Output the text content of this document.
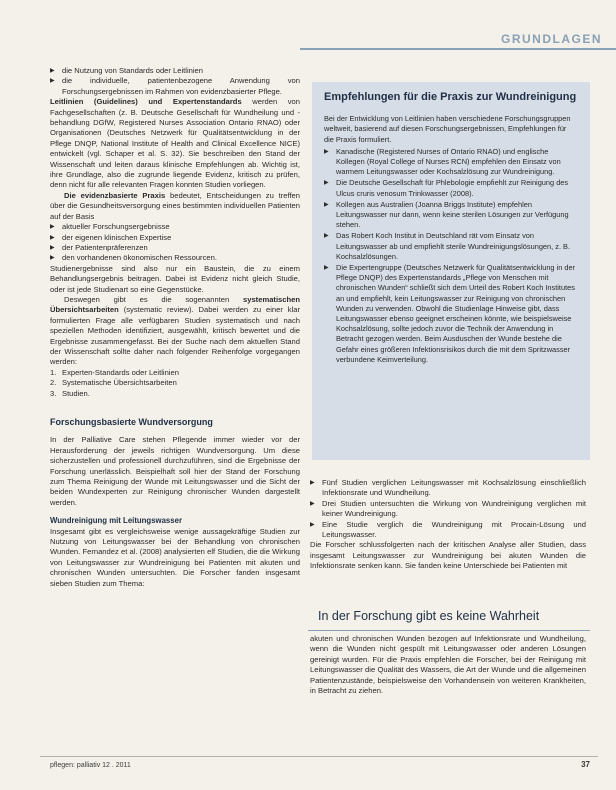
GRUNDLAGEN
▶ die Nutzung von Standards oder Leitlinien
▶ die individuelle, patientenbezogene Anwendung von Forschungsergebnissen im Rahmen von evidenzbasierter Pflege.

Leitlinien (Guidelines) und Expertenstandards werden von Fachgesellschaften (z. B. Deutsche Gesellschaft für Wundheilung und -behandlung DGfW, Registered Nurses Association Ontario RNAO) oder Organisationen (Deutsches Netzwerk für Qualitätsentwicklung in der Pflege DNQP, National Institute of Health and Clinical Excellence NICE) entwickelt (vgl. Schaper et al. S. 32). Sie beschreiben den Stand der Wissenschaft und leiten daraus klinische Empfehlungen ab. Wichtig ist, ihre Grundlage, also die zugrunde liegende Evidenz, kritisch zu prüfen, denn nicht für alle relevanten Fragen konnten Studien vorliegen.

Die evidenzbasierte Praxis bedeutet, Entscheidungen zu treffen über die Gesundheitsversorgung eines bestimmten individuellen Patienten auf der Basis

▶ aktueller Forschungsergebnisse
▶ der eigenen klinischen Expertise
▶ der Patientenpräferenzen
▶ den vorhandenen ökonomischen Ressourcen.

Studienergebnisse sind also nur ein Baustein, die zu einem Behandlungsergebnis beitragen. Dabei ist Evidenz nicht gleich Studie, oder ist jede Studienart so eine Gegenstücke.

Deswegen gibt es die sogenannten systematischen Übersichtsarbeiten (systematic review). Dabei werden zu einer klar formulierten Frage alle verfügbaren Studien systematisch und nach speziellen Methoden identifiziert, ausgewählt, kritisch bewertet und die Ergebnisse zusammengefasst. Bei der Suche nach dem aktuellen Stand der Wissenschaft sollte daher nach folgender Reihenfolge vorgegangen werden:

1. Experten-Standards oder Leitlinien
2. Systematische Übersichtsarbeiten
3. Studien.
Forschungsbasierte Wundversorgung

In der Palliative Care stehen Pflegende immer wieder vor der Herausforderung der jeweils richtigen Wundversorgung. Um diese sicherzustellen und professionell durchzuführen, sind die Ergebnisse der Forschung unerlässlich. Beispielhaft soll hier der Stand der Forschung zum Thema Reinigung der Wunde mit Leitungswasser und die Sicht der beiden Wundexperten zur Reinigung chronischer Wunden dargestellt werden.

Wundreinigung mit Leitungswasser

Insgesamt gibt es vergleichsweise wenige aussagekräftige Studien zur Nutzung von Leitungswasser bei der Behandlung von chronischen Wunden. Fernandez et al. (2008) analysierten elf Studien, die die Wirkung von Leitungswasser zur Wundreinigung bei Patienten mit akuten und chronischen Wunden untersuchten. Die Forscher fanden insgesamt sieben Studien zum Thema:

Empfehlungen für die Praxis zur Wundreinigung

Bei der Entwicklung von Leitlinien haben verschiedene Forschungsgruppen weltweit, basierend auf diesen Forschungsergebnissen, Empfehlungen für die Praxis formuliert.

▶ Kanadische (Registered Nurses of Ontario RNAO) und englische Kollegen (Royal College of Nurses RCN) empfehlen den Einsatz von warmem Leitungswasser oder Kochsalzlösung zur Wundreinigung.
▶ Die Deutsche Gesellschaft für Phlebologie empfiehlt zur Reinigung des Ulcus cruris venosum Trinkwasser (2008).
▶ Kollegen aus Australien (Joanna Briggs Institute) empfehlen Leitungswasser nur dann, wenn keine sterilen Lösungen zur Verfügung stehen.
▶ Das Robert Koch Institut in Deutschland rät vom Einsatz von Leitungswasser ab und empfiehlt sterile Wundreinigungslösungen, z. B. Kochsalzlösungen.
▶ Die Expertengruppe (Deutsches Netzwerk für Qualitätsentwicklung in der Pflege DNQP) des Expertenstandards „Pflege von Menschen mit chronischen Wunden“ schließt sich dem Urteil des Robert Koch Institutes an und empfiehlt, kein Leitungswasser zur Reinigung von chronischen Wunden zu verwenden. Obwohl die Studienlage Hinweise gibt, dass Leitungswasser ebenso geeignet erscheinen könnte, wie beispielsweise Kochsalzlösung, sollte jedoch zuvor die Technik der Anwendung in Betracht gezogen werden. Beim Ausduschen der Wunde bestehe die Gefahr eines größeren Infektionsrisikos durch die mit dem Spritzwasser verbundene Keimverteilung.
▶ Fünf Studien verglichen Leitungswasser mit Kochsalzlösung einschließlich Infektionsrate und Wundheilung.
▶ Drei Studien untersuchten die Wirkung von Wundreinigung verglichen mit keiner Wundreinigung.
▶ Eine Studie verglich die Wundreinigung mit Procain-Lösung und Leitungswasser.

Die Forscher schlussfolgerten nach der kritischen Analyse aller Studien, dass insgesamt Leitungswasser zur Wundreinigung bei akuten Wunden die Infektionsrate senken kann. Sie fanden keine Unterschiede bei Patienten mit

In der Forschung gibt es keine Wahrheit

akuten und chronischen Wunden bezogen auf Infektionsrate und Wundheilung, wenn die Wunden nicht gespült mit Leitungswasser oder anderen Lösungen gereinigt wurden. Für die Praxis empfehlen die Forscher, bei der Reinigung mit Leitungswasser die Qualität des Wassers, die Art der Wunde und die allgemeinen Patientenzustände, beispielsweise den Vorhandensein von weiteren Krankheiten, in Betracht zu ziehen.

pflegen: palliativ 12 . 2011	37
